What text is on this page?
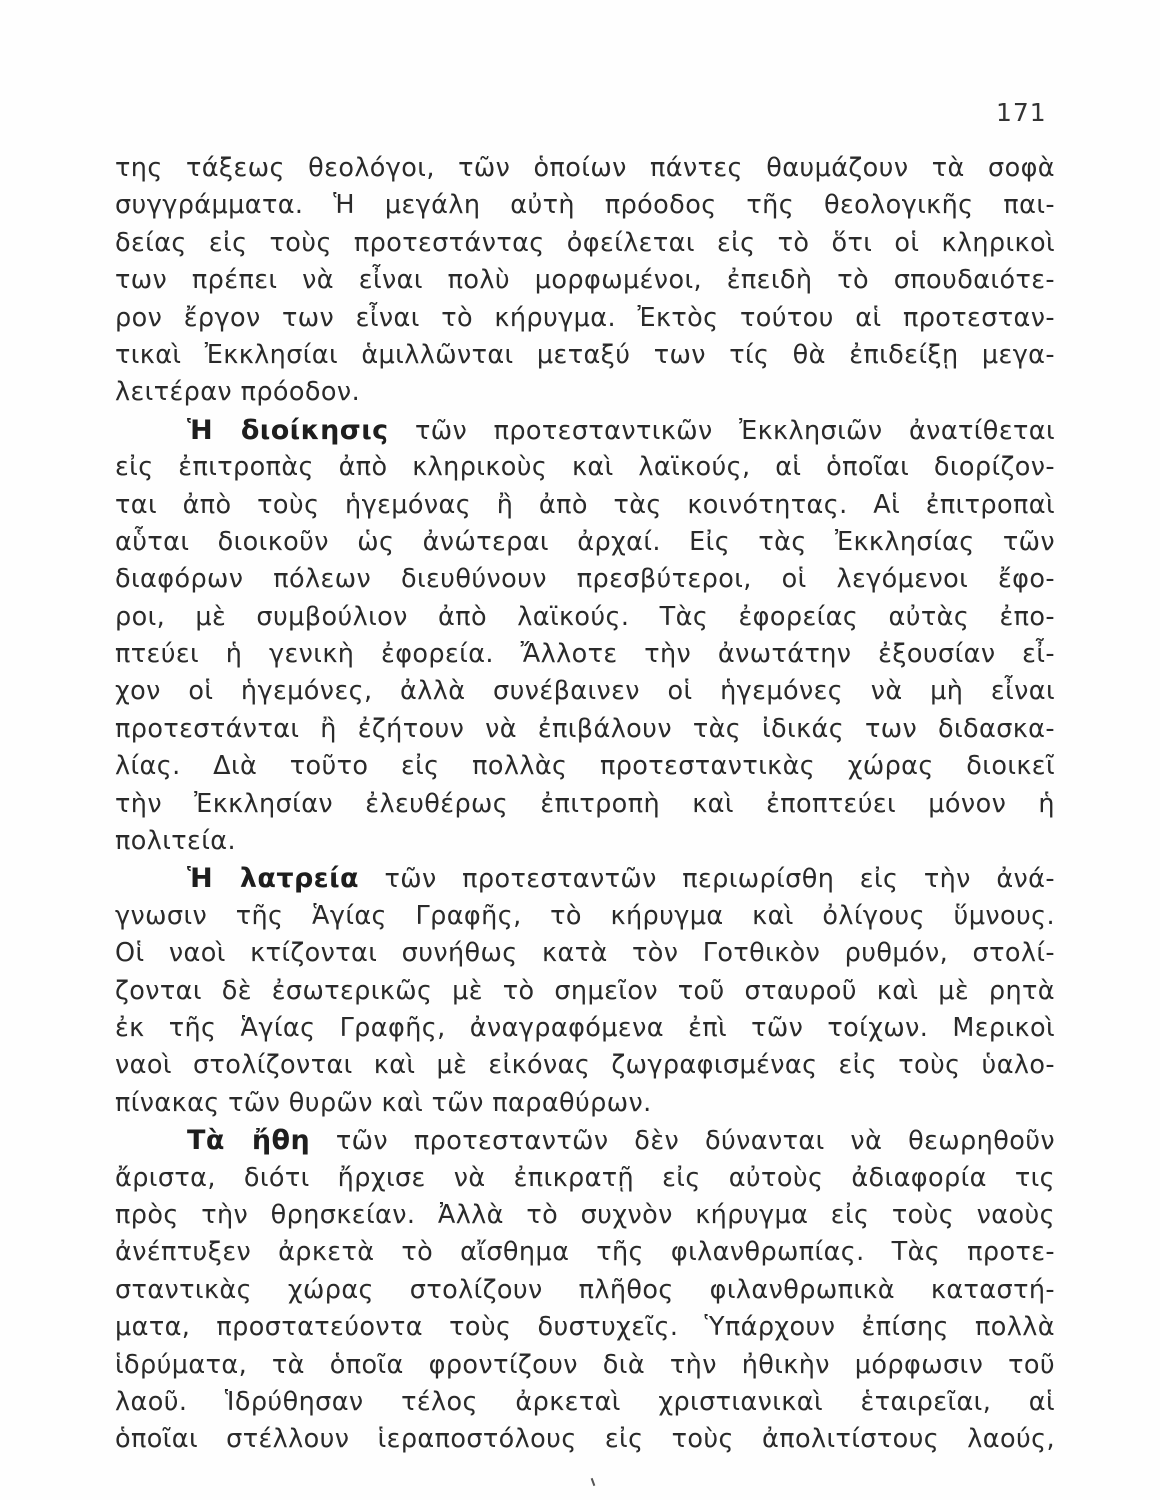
171
της τάξεως θεολόγοι, τῶν ὁποίων πάντες θαυμάζουν τὰ σοφὰ
συγγράμματα. Ἡ μεγάλη αὐτὴ πρόοδος τῆς θεολογικῆς παι-
δείας εἰς τοὺς προτεστάντας ὀφείλεται εἰς τὸ ὅτι οἱ κληρικοὶ
των πρέπει νὰ εἶναι πολὺ μορφωμένοι, ἐπειδὴ τὸ σπουδαιότε-
ρον ἔργον των εἶναι τὸ κήρυγμα. Ἐκτὸς τούτου αἱ προτεσταν-
τικαὶ Ἐκκλησίαι ἁμιλλῶνται μεταξύ των τίς θὰ ἐπιδείξῃ μεγα-
λειτέραν πρόοδον.
Ἡ διοίκησις τῶν προτεσταντικῶν Ἐκκλησιῶν ἀνατίθεται
εἰς ἐπιτροπὰς ἀπὸ κληρικοὺς καὶ λαϊκούς, αἱ ὁποῖαι διορίζον-
ται ἀπὸ τοὺς ἡγεμόνας ἢ ἀπὸ τὰς κοινότητας. Αἱ ἐπιτροπαὶ
αὗται διοικοῦν ὡς ἀνώτεραι ἀρχαί. Εἰς τὰς Ἐκκλησίας τῶν
διαφόρων πόλεων διευθύνουν πρεσβύτεροι, οἱ λεγόμενοι ἔφο-
ροι, μὲ συμβούλιον ἀπὸ λαϊκούς. Τὰς ἐφορείας αὐτὰς ἐπο-
πτεύει ἡ γενικὴ ἐφορεία. Ἄλλοτε τὴν ἀνωτάτην ἐξουσίαν εἶ-
χον οἱ ἡγεμόνες, ἀλλὰ συνέβαινεν οἱ ἡγεμόνες νὰ μὴ εἶναι
προτεστάνται ἢ ἐζήτουν νὰ ἐπιβάλουν τὰς ἰδικάς των διδασκα-
λίας. Διὰ τοῦτο εἰς πολλὰς προτεσταντικὰς χώρας διοικεῖ
τὴν Ἐκκλησίαν ἐλευθέρως ἐπιτροπὴ καὶ ἐποπτεύει μόνον ἡ
πολιτεία.
Ἡ λατρεία τῶν προτεσταντῶν περιωρίσθη εἰς τὴν ἀνά-
γνωσιν τῆς Ἁγίας Γραφῆς, τὸ κήρυγμα καὶ ὀλίγους ὕμνους.
Οἱ ναοὶ κτίζονται συνήθως κατὰ τὸν Γοτθικὸν ρυθμόν, στολί-
ζονται δὲ ἐσωτερικῶς μὲ τὸ σημεῖον τοῦ σταυροῦ καὶ μὲ ρητὰ
ἐκ τῆς Ἁγίας Γραφῆς, ἀναγραφόμενα ἐπὶ τῶν τοίχων. Μερικοὶ
ναοὶ στολίζονται καὶ μὲ εἰκόνας ζωγραφισμένας εἰς τοὺς ὑαλο-
πίνακας τῶν θυρῶν καὶ τῶν παραθύρων.
Τὰ ἤθη τῶν προτεσταντῶν δὲν δύνανται νὰ θεωρηθοῦν
ἄριστα, διότι ἤρχισε νὰ ἐπικρατῇ εἰς αὐτοὺς ἀδιαφορία τις
πρὸς τὴν θρησκείαν. Ἀλλὰ τὸ συχνὸν κήρυγμα εἰς τοὺς ναοὺς
ἀνέπτυξεν ἀρκετὰ τὸ αἴσθημα τῆς φιλανθρωπίας. Τὰς προτε-
σταντικὰς χώρας στολίζουν πλῆθος φιλανθρωπικὰ καταστή-
ματα, προστατεύοντα τοὺς δυστυχεῖς. Ὑπάρχουν ἐπίσης πολλὰ
ἱδρύματα, τὰ ὁποῖα φροντίζουν διὰ τὴν ἠθικὴν μόρφωσιν τοῦ
λαοῦ. Ἱδρύθησαν τέλος ἀρκεταὶ χριστιανικαὶ ἑταιρεῖαι, αἱ
ὁποῖαι στέλλουν ἱεραποστόλους εἰς τοὺς ἀπολιτίστους λαούς,
